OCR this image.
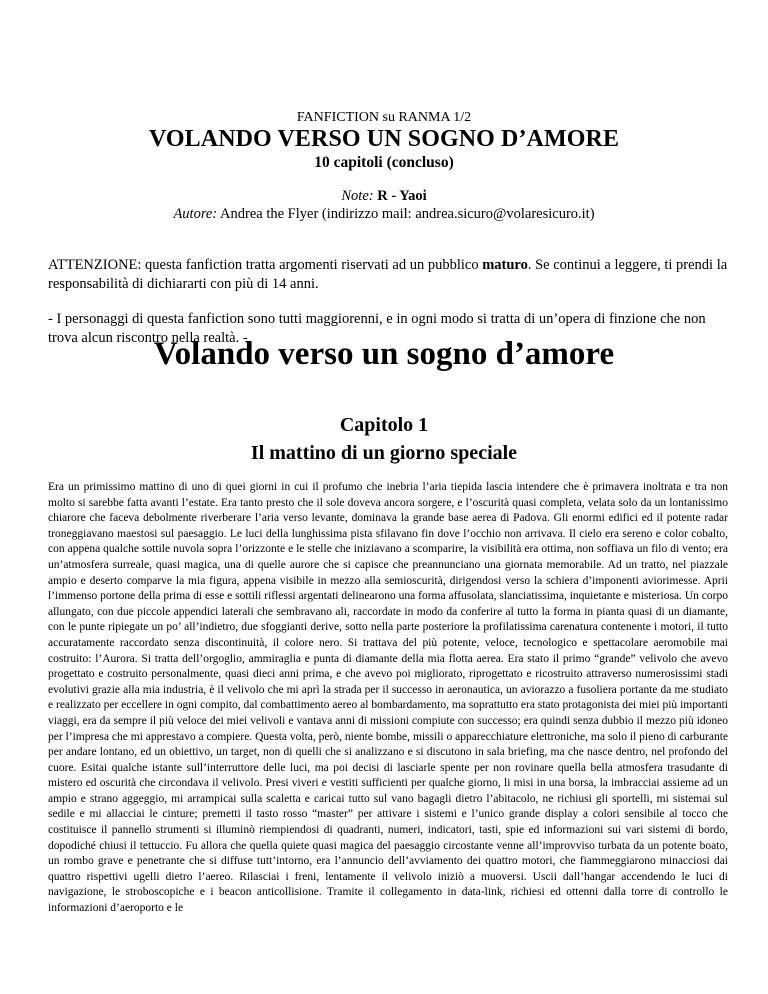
FANFICTION su RANMA 1/2
VOLANDO VERSO UN SOGNO D’AMORE
10 capitoli (concluso)
Note: R - Yaoi
Autore: Andrea the Flyer (indirizzo mail: andrea.sicuro@volaresicuro.it)
ATTENZIONE: questa fanfiction tratta argomenti riservati ad un pubblico maturo. Se continui a leggere, ti prendi la responsabilità di dichiararti con più di 14 anni.
- I personaggi di questa fanfiction sono tutti maggiorenni, e in ogni modo si tratta di un’opera di finzione che non trova alcun riscontro nella realtà. -
Volando verso un sogno d’amore
Capitolo 1
Il mattino di un giorno speciale
Era un primissimo mattino di uno di quei giorni in cui il profumo che inebria l’aria tiepida lascia intendere che è primavera inoltrata e tra non molto si sarebbe fatta avanti l’estate. Era tanto presto che il sole doveva ancora sorgere, e l’oscurità quasi completa, velata solo da un lontanissimo chiarore che faceva debolmente riverberare l’aria verso levante, dominava la grande base aerea di Padova. Gli enormi edifici ed il potente radar troneggiavano maestosi sul paesaggio. Le luci della lunghissima pista sfilavano fin dove l’occhio non arrivava. Il cielo era sereno e color cobalto, con appena qualche sottile nuvola sopra l’orizzonte e le stelle che iniziavano a scomparire, la visibilità era ottima, non soffiava un filo di vento; era un’atmosfera surreale, quasi magica, una di quelle aurore che si capisce che preannunciano una giornata memorabile. Ad un tratto, nel piazzale ampio e deserto comparve la mia figura, appena visibile in mezzo alla semioscurità, dirigendosi verso la schiera d’imponenti aviorimesse. Aprii l’immenso portone della prima di esse e sottili riflessi argentati delinearono una forma affusolata, slanciatissima, inquietante e misteriosa. Un corpo allungato, con due piccole appendici laterali che sembravano ali, raccordate in modo da conferire al tutto la forma in pianta quasi di un diamante, con le punte ripiegate un po’ all’indietro, due sfoggianti derive, sotto nella parte posteriore la profilatissima carenatura contenente i motori, il tutto accuratamente raccordato senza discontinuità, il colore nero. Si trattava del più potente, veloce, tecnologico e spettacolare aeromobile mai costruito: l’Aurora. Si tratta dell’orgoglio, ammiraglia e punta di diamante della mia flotta aerea. Era stato il primo “grande” velivolo che avevo progettato e costruito personalmente, quasi dieci anni prima, e che avevo poi migliorato, riprogettato e ricostruito attraverso numerosissimi stadi evolutivi grazie alla mia industria, è il velivolo che mi aprì la strada per il successo in aeronautica, un aviorazzo a fusoliera portante da me studiato e realizzato per eccellere in ogni compito, dal combattimento aereo al bombardamento, ma soprattutto era stato protagonista dei miei più importanti viaggi, era da sempre il più veloce dei miei velivoli e vantava anni di missioni compiute con successo; era quindi senza dubbio il mezzo più idoneo per l’impresa che mi apprestavo a compiere. Questa volta, però, niente bombe, missili o apparecchiature elettroniche, ma solo il pieno di carburante per andare lontano, ed un obiettivo, un target, non di quelli che si analizzano e si discutono in sala briefing, ma che nasce dentro, nel profondo del cuore. Esitai qualche istante sull’interruttore delle luci, ma poi decisi di lasciarle spente per non rovinare quella bella atmosfera trasudante di mistero ed oscurità che circondava il velivolo. Presi viveri e vestiti sufficienti per qualche giorno, li misi in una borsa, la imbracciai assieme ad un ampio e strano aggeggio, mi arrampicai sulla scaletta e caricai tutto sul vano bagagli dietro l’abitacolo, ne richiusi gli sportelli, mi sistemai sul sedile e mi allacciai le cinture; premetti il tasto rosso “master” per attivare i sistemi e l’unico grande display a colori sensibile al tocco che costituisce il pannello strumenti si illuminò riempiendosi di quadranti, numeri, indicatori, tasti, spie ed informazioni sui vari sistemi di bordo, dopodiché chiusi il tettuccio. Fu allora che quella quiete quasi magica del paesaggio circostante venne all’improvviso turbata da un potente boato, un rombo grave e penetrante che si diffuse tutt’intorno, era l’annuncio dell’avviamento dei quattro motori, che fiammeggiarono minacciosi dai quattro rispettivi ugelli dietro l’aereo. Rilasciai i freni, lentamente il velivolo iniziò a muoversi. Uscii dall’hangar accendendo le luci di navigazione, le stroboscopiche e i beacon anticollisione. Tramite il collegamento in data-link, richiesi ed ottenni dalla torre di controllo le informazioni d’aeroporto e le
